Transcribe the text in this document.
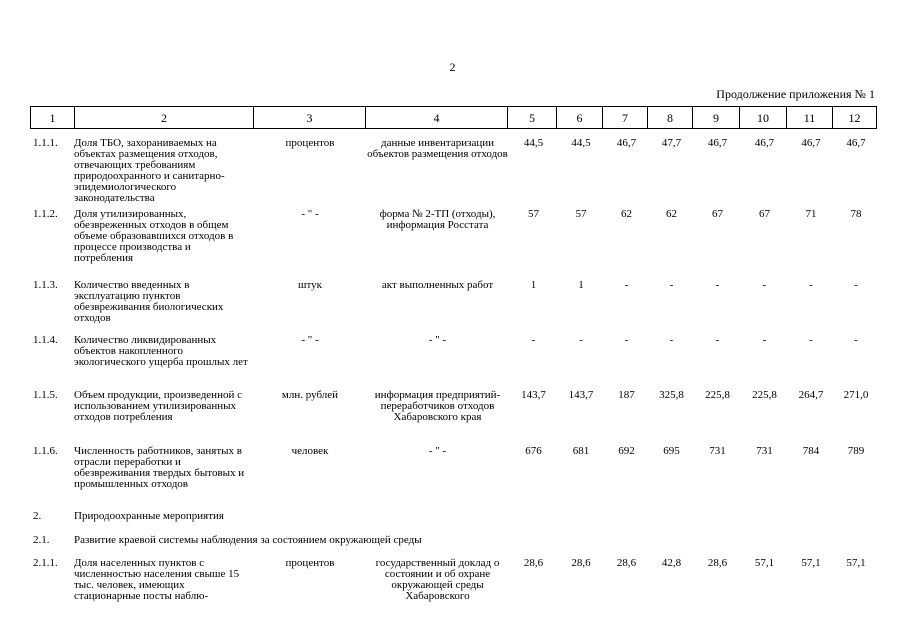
2
Продолжение приложения № 1
1	2	3	4	5	6	7	8	9	10	11	12
1.1.1.	Доля ТБО, захораниваемых на объектах размещения отходов, отвечающих требованиям природоохранного и санитарно-эпидемиологического законодательства	процентов	данные инвентаризации объектов размещения отходов	44,5	44,5	46,7	47,7	46,7	46,7	46,7	46,7
1.1.2.	Доля утилизированных, обезвреженных отходов в общем объеме образовавшихся отходов в процессе производства и потребления	- " -	форма № 2-ТП (отходы), информация Росстата	57	57	62	62	67	67	71	78
1.1.3.	Количество введенных в эксплуатацию пунктов обезвреживания биологических отходов	штук	акт выполненных работ	1	1	-	-	-	-	-	-
1.1.4.	Количество ликвидированных объектов накопленного экологического ущерба прошлых лет	- " -	- " -	-	-	-	-	-	-	-	-
1.1.5.	Объем продукции, произведенной с использованием утилизированных отходов потребления	млн. рублей	информация предприятий-переработчиков отходов Хабаровского края	143,7	143,7	187	325,8	225,8	225,8	264,7	271,0
1.1.6.	Численность работников, занятых в отрасли переработки и обезвреживания твердых бытовых и промышленных отходов	человек	- " -	676	681	692	695	731	731	784	789
2.	Природоохранные мероприятия										
2.1.	Развитие краевой системы наблюдения за состоянием окружающей среды										
2.1.1.	Доля населенных пунктов с численностью населения свыше 15 тыс. человек, имеющих стационарные посты наблю-	процентов	государственный доклад о состоянии и об охране окружающей среды Хабаровского	28,6	28,6	28,6	42,8	28,6	57,1	57,1	57,1
